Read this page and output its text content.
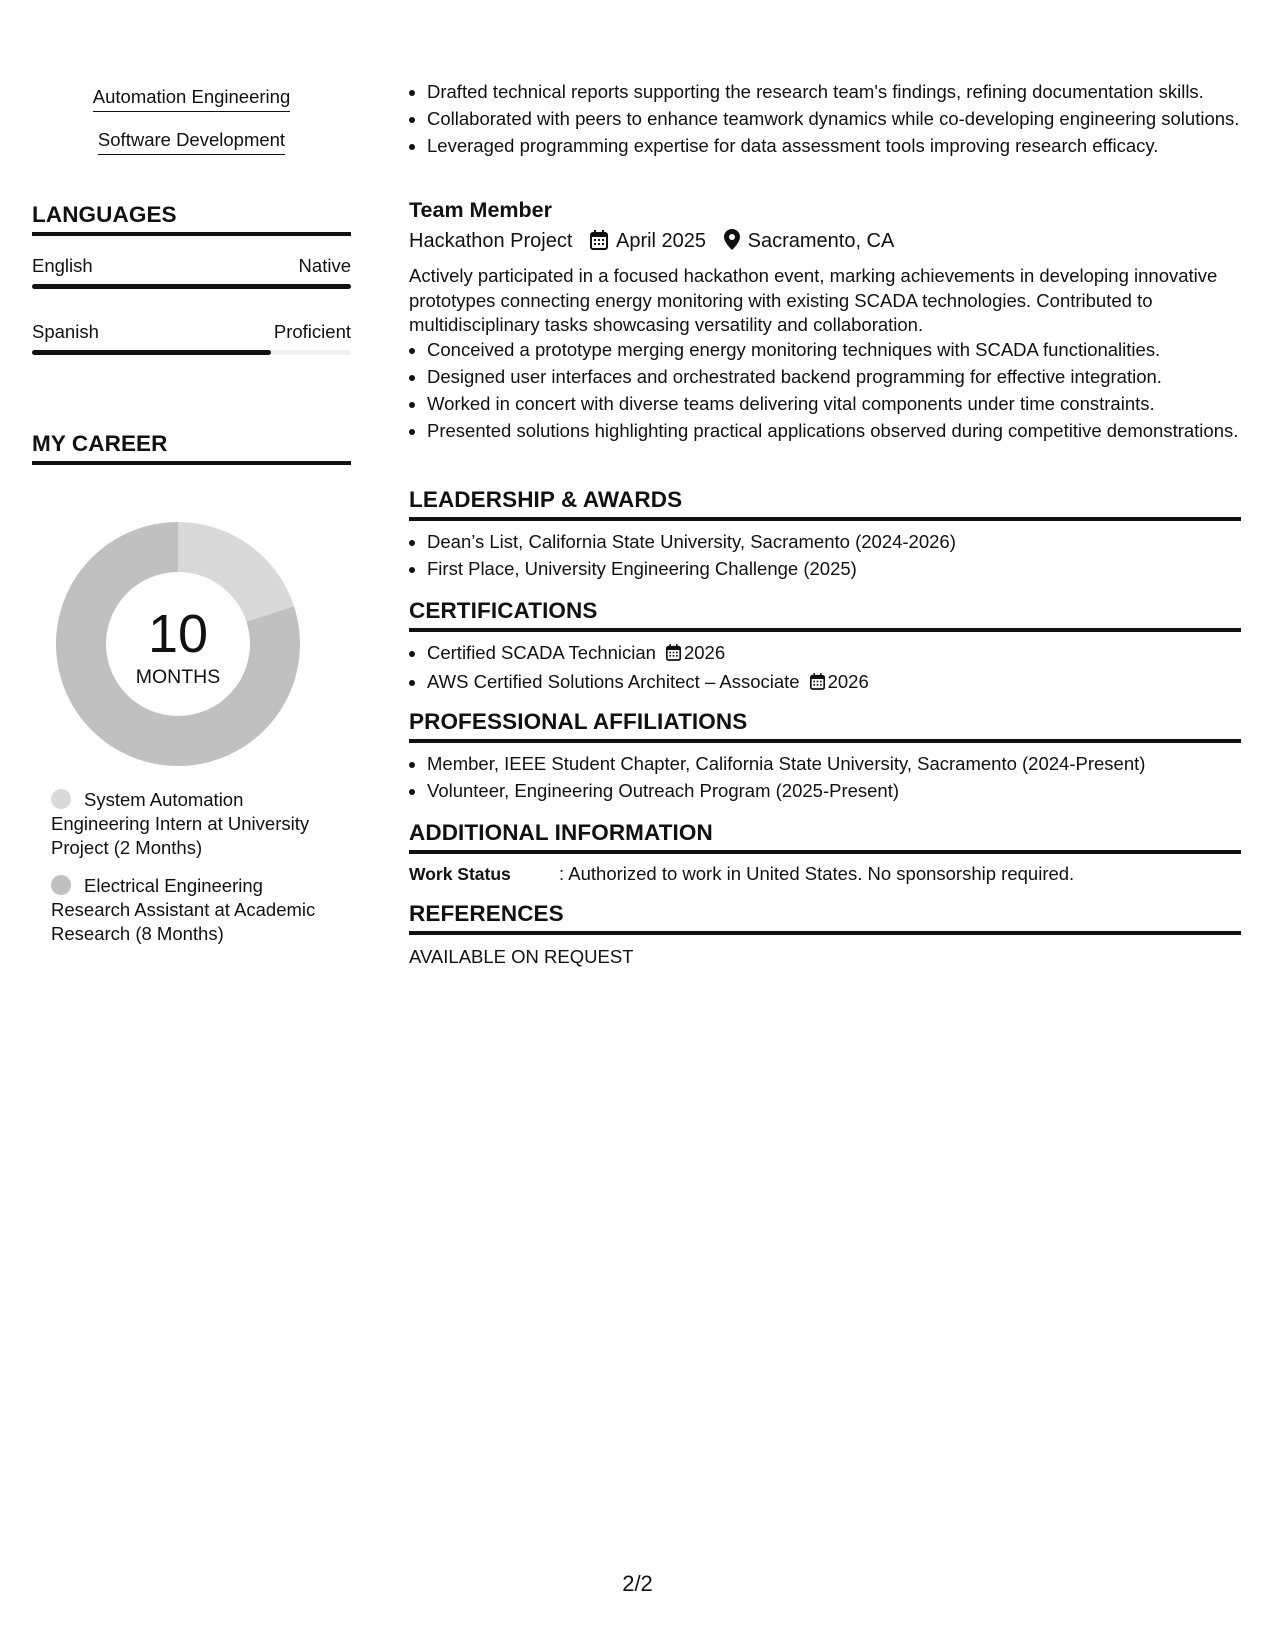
Automation Engineering
Software Development
LANGUAGES
English	Native
Spanish	Proficient
MY CAREER
10
MONTHS
System Automation Engineering Intern at University Project (2 Months)
Electrical Engineering Research Assistant at Academic Research (8 Months)
• Drafted technical reports supporting the research team's findings, refining documentation skills.
• Collaborated with peers to enhance teamwork dynamics while co-developing engineering solutions.
• Leveraged programming expertise for data assessment tools improving research efficacy.
Team Member
Hackathon Project April 2025 Sacramento, CA
Actively participated in a focused hackathon event, marking achievements in developing innovative prototypes connecting energy monitoring with existing SCADA technologies. Contributed to multidisciplinary tasks showcasing versatility and collaboration.
• Conceived a prototype merging energy monitoring techniques with SCADA functionalities.
• Designed user interfaces and orchestrated backend programming for effective integration.
• Worked in concert with diverse teams delivering vital components under time constraints.
• Presented solutions highlighting practical applications observed during competitive demonstrations.
LEADERSHIP & AWARDS
• Dean’s List, California State University, Sacramento (2024-2026)
• First Place, University Engineering Challenge (2025)
CERTIFICATIONS
• Certified SCADA Technician 2026
• AWS Certified Solutions Architect – Associate 2026
PROFESSIONAL AFFILIATIONS
• Member, IEEE Student Chapter, California State University, Sacramento (2024-Present)
• Volunteer, Engineering Outreach Program (2025-Present)
ADDITIONAL INFORMATION
Work Status	: Authorized to work in United States. No sponsorship required.
REFERENCES
AVAILABLE ON REQUEST
2/2
